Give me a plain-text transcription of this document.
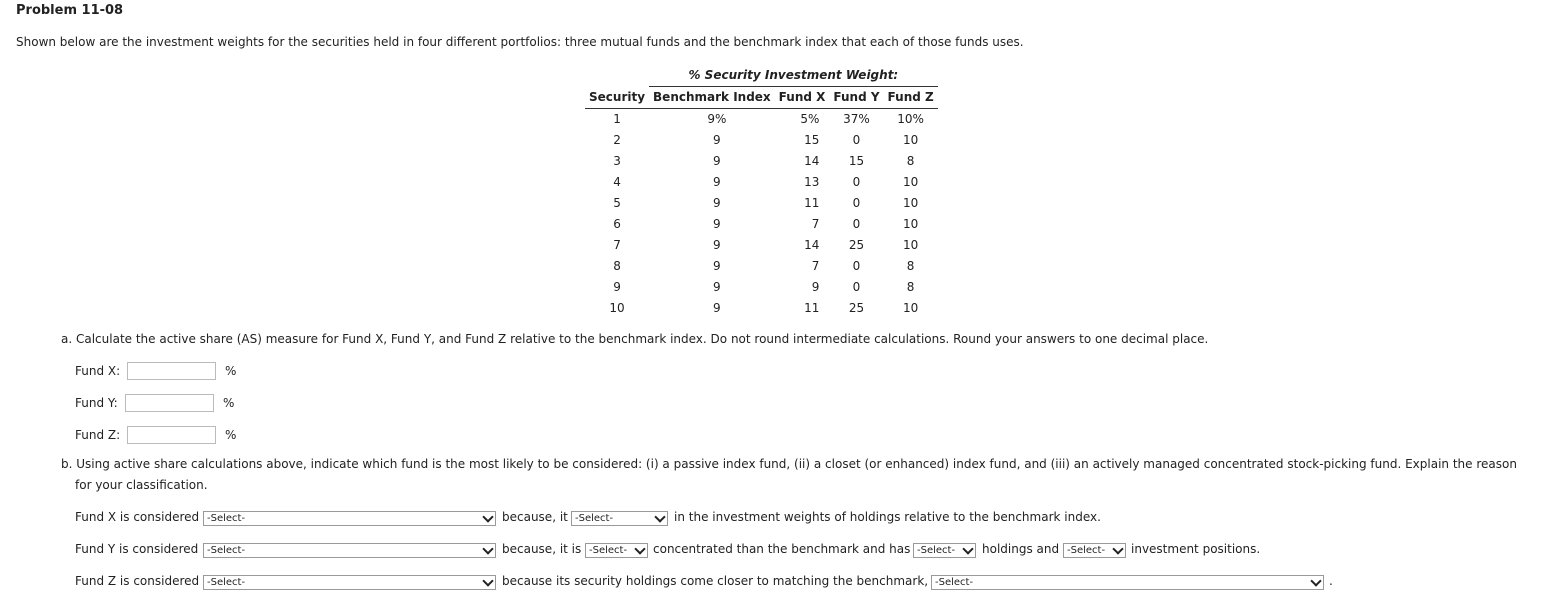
Problem 11-08
Shown below are the investment weights for the securities held in four different portfolios: three mutual funds and the benchmark index that each of those funds uses.
	% Security Investment Weight:			
Security	Benchmark Index	Fund X	Fund Y	Fund Z
1	9%	5%	37%	10%
2	9	15	0	10
3	9	14	15	8
4	9	13	0	10
5	9	11	0	10
6	9	7	0	10
7	9	14	25	10
8	9	7	0	8
9	9	9	0	8
10	9	11	25	10
a. Calculate the active share (AS) measure for Fund X, Fund Y, and Fund Z relative to the benchmark index. Do not round intermediate calculations. Round your answers to one decimal place.
Fund X:	%
Fund Y:	%
Fund Z:	%
b. Using active share calculations above, indicate which fund is the most likely to be considered: (i) a passive index fund, (ii) a closet (or enhanced) index fund, and (iii) an actively managed concentrated stock-picking fund. Explain the reason
for your classification.
Fund X is considered -Select-	because, it -Select-	in the investment weights of holdings relative to the benchmark index.
Fund Y is considered -Select-	because, it is -Select-	concentrated than the benchmark and has -Select-	holdings and -Select-	investment positions.
Fund Z is considered -Select-	because its security holdings come closer to matching the benchmark, -Select-	.
